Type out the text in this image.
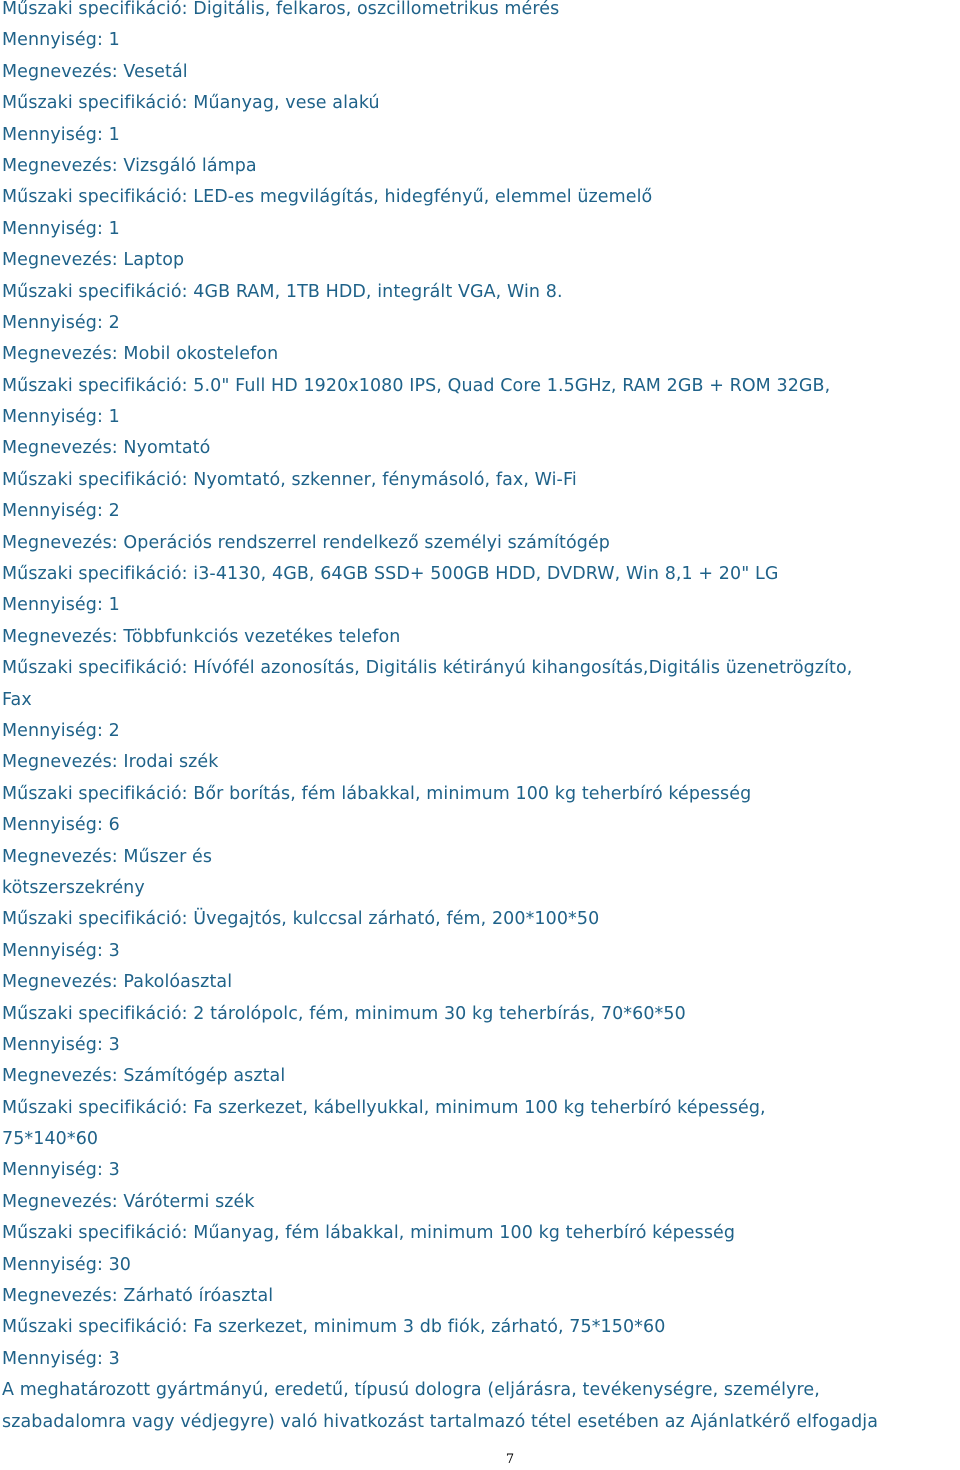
Műszaki specifikáció: Digitális, felkaros, oszcillometrikus mérés
Mennyiség: 1
Megnevezés: Vesetál
Műszaki specifikáció: Műanyag, vese alakú
Mennyiség: 1
Megnevezés: Vizsgáló lámpa
Műszaki specifikáció: LED-es megvilágítás, hidegfényű, elemmel üzemelő
Mennyiség: 1
Megnevezés: Laptop
Műszaki specifikáció: 4GB RAM, 1TB HDD, integrált VGA, Win 8.
Mennyiség: 2
Megnevezés: Mobil okostelefon
Műszaki specifikáció: 5.0" Full HD 1920x1080 IPS, Quad Core 1.5GHz, RAM 2GB + ROM 32GB,
Mennyiség: 1
Megnevezés: Nyomtató
Műszaki specifikáció: Nyomtató, szkenner, fénymásoló, fax, Wi-Fi
Mennyiség: 2
Megnevezés: Operációs rendszerrel rendelkező személyi számítógép
Műszaki specifikáció: i3-4130, 4GB, 64GB SSD+ 500GB HDD, DVDRW, Win 8,1 + 20" LG
Mennyiség: 1
Megnevezés: Többfunkciós vezetékes telefon
Műszaki specifikáció: Hívófél azonosítás, Digitális kétirányú kihangosítás,Digitális üzenetrögzíto,
Fax
Mennyiség: 2
Megnevezés: Irodai szék
Műszaki specifikáció: Bőr borítás, fém lábakkal, minimum 100 kg teherbíró képesség
Mennyiség: 6
Megnevezés: Műszer és
kötszerszekrény
Műszaki specifikáció: Üvegajtós, kulccsal zárható, fém, 200*100*50
Mennyiség: 3
Megnevezés: Pakolóasztal
Műszaki specifikáció: 2 tárolópolc, fém, minimum 30 kg teherbírás, 70*60*50
Mennyiség: 3
Megnevezés: Számítógép asztal
Műszaki specifikáció: Fa szerkezet, kábellyukkal, minimum 100 kg teherbíró képesség,
75*140*60
Mennyiség: 3
Megnevezés: Várótermi szék
Műszaki specifikáció: Műanyag, fém lábakkal, minimum 100 kg teherbíró képesség
Mennyiség: 30
Megnevezés: Zárható íróasztal
Műszaki specifikáció: Fa szerkezet, minimum 3 db fiók, zárható, 75*150*60
Mennyiség: 3
A meghatározott gyártmányú, eredetű, típusú dologra (eljárásra, tevékenységre, személyre,
szabadalomra vagy védjegyre) való hivatkozást tartalmazó tétel esetében az Ajánlatkérő elfogadja
7
